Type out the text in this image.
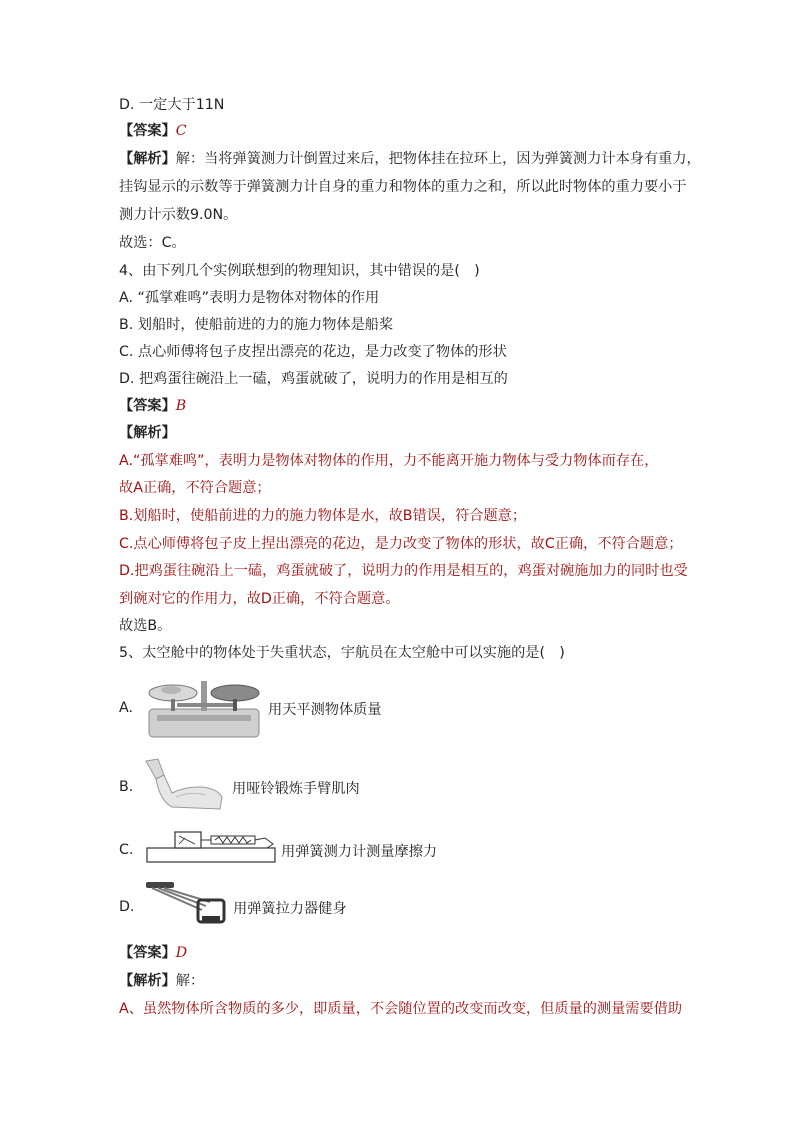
D. 一定大于11N
【答案】C
【解析】解：当将弹簧测力计倒置过来后，把物体挂在拉环上，因为弹簧测力计本身有重力，
挂钩显示的示数等于弹簧测力计自身的重力和物体的重力之和，所以此时物体的重力要小于
测力计示数9.0N。
故选：C。
4、由下列几个实例联想到的物理知识，其中错误的是(　)
A. “孤掌难鸣”表明力是物体对物体的作用
B. 划船时，使船前进的力的施力物体是船桨
C. 点心师傅将包子皮捏出漂亮的花边，是力改变了物体的形状
D. 把鸡蛋往碗沿上一磕，鸡蛋就破了，说明力的作用是相互的
【答案】B
【解析】
A.“孤掌难鸣”，表明力是物体对物体的作用，力不能离开施力物体与受力物体而存在，
故A正确，不符合题意；
B.划船时，使船前进的力的施力物体是水，故B错误，符合题意；
C.点心师傅将包子皮上捏出漂亮的花边，是力改变了物体的形状，故C正确，不符合题意；
D.把鸡蛋往碗沿上一磕，鸡蛋就破了，说明力的作用是相互的，鸡蛋对碗施加力的同时也受
到碗对它的作用力，故D正确，不符合题意。
故选B。
5、太空舱中的物体处于失重状态，宇航员在太空舱中可以实施的是(　)
A.	用天平测物体质量
B.	用哑铃锻炼手臂肌肉
C.	用弹簧测力计测量摩擦力
D.	用弹簧拉力器健身
【答案】D
【解析】解：
A、虽然物体所含物质的多少，即质量，不会随位置的改变而改变，但质量的测量需要借助
